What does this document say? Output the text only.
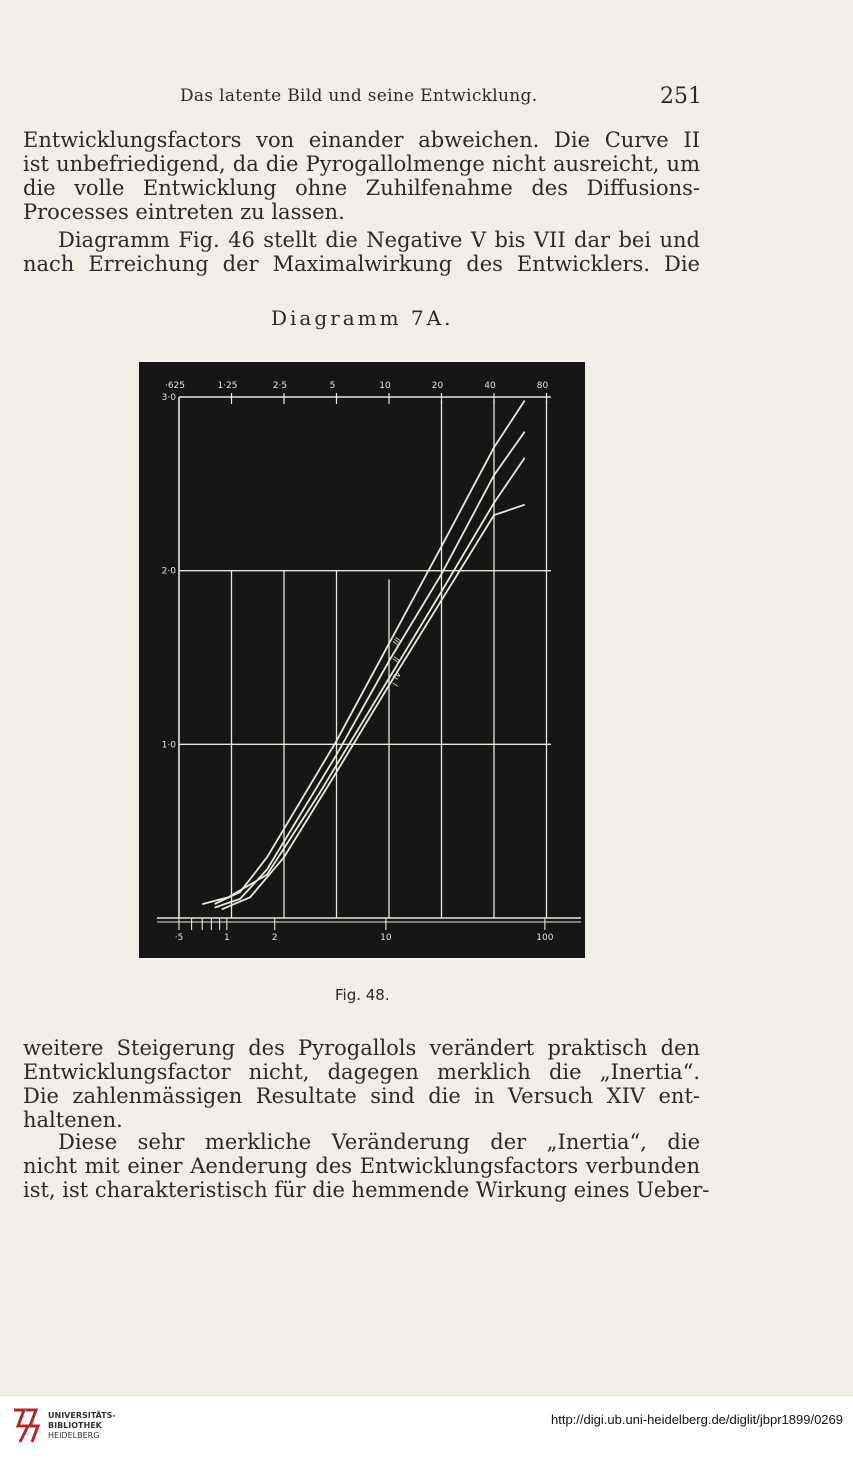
Das latente Bild und seine Entwicklung.	251
Entwicklungsfactors von einander abweichen. Die Curve II
ist unbefriedigend, da die Pyrogallolmenge nicht ausreicht, um
die volle Entwicklung ohne Zuhilfenahme des Diffusions-
Processes eintreten zu lassen.
Diagramm Fig. 46 stellt die Negative V bis VII dar bei und
nach Erreichung der Maximalwirkung des Entwicklers. Die
Diagramm 7A.
·625	1·25	2·5	5	10	20	40	80
3·0
2·0
1·0
·5	1	2	10	100
III
II
I
IV
Fig. 48.
weitere Steigerung des Pyrogallols verändert praktisch den
Entwicklungsfactor nicht, dagegen merklich die „Inertia“.
Die zahlenmässigen Resultate sind die in Versuch XIV ent-
haltenen.
Diese sehr merkliche Veränderung der „Inertia“, die
nicht mit einer Aenderung des Entwicklungsfactors verbunden
ist, ist charakteristisch für die hemmende Wirkung eines Ueber-
UNIVERSITÄTS-
BIBLIOTHEK
HEIDELBERG
http://digi.ub.uni-heidelberg.de/diglit/jbpr1899/0269
